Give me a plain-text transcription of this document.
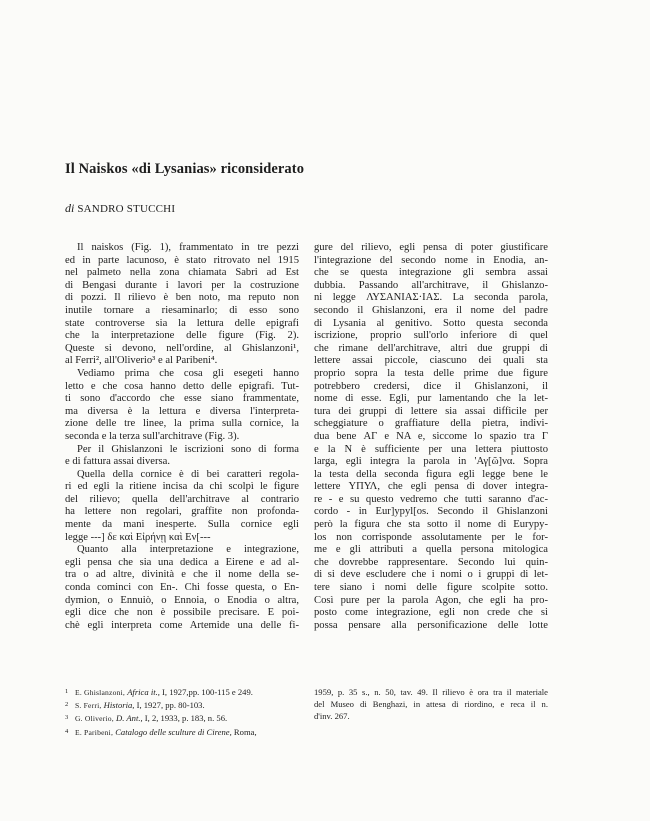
Il Naiskos «di Lysanias» riconsiderato

di SANDRO STUCCHI

Il naiskos (Fig. 1), frammentato in tre pezzi
ed in parte lacunoso, è stato ritrovato nel 1915
nel palmeto nella zona chiamata Sabri ad Est
di Bengasi durante i lavori per la costruzione
di pozzi. Il rilievo è ben noto, ma reputo non
inutile tornare a riesaminarlo; di esso sono
state controverse sia la lettura delle epigrafi
che la interpretazione delle figure (Fig. 2).
Queste si devono, nell'ordine, al Ghislanzoni¹,
al Ferri², all'Oliverio³ e al Paribeni⁴.
Vediamo prima che cosa gli esegeti hanno
letto e che cosa hanno detto delle epigrafi. Tut-
ti sono d'accordo che esse siano frammentate,
ma diversa è la lettura e diversa l'interpreta-
zione delle tre linee, la prima sulla cornice, la
seconda e la terza sull'architrave (Fig. 3).
Per il Ghislanzoni le iscrizioni sono di forma
e di fattura assai diversa.
Quella della cornice è di bei caratteri regola-
ri ed egli la ritiene incisa da chi scolpì le figure
del rilievo; quella dell'architrave al contrario
ha lettere non regolari, graffite non profonda-
mente da mani inesperte. Sulla cornice egli
legge ---] δε καὶ Εἰρήνῃ καὶ Εν[---
Quanto alla interpretazione e integrazione,
egli pensa che sia una dedica a Eirene e ad al-
tra o ad altre, divinità e che il nome della se-
conda cominci con En-. Chi fosse questa, o En-
dymion, o Ennuiò, o Ennoia, o Enodia o altra,
egli dice che non è possibile precisare. E poi-
chè egli interpreta come Artemide una delle fi-
gure del rilievo, egli pensa di poter giustificare
l'integrazione del secondo nome in Enodia, an-
che se questa integrazione gli sembra assai
dubbia. Passando all'architrave, il Ghislanzo-
ni legge ΛΥΣΑΝΙΑΣ·ΙΑΣ. La seconda parola,
secondo il Ghislanzoni, era il nome del padre
di Lysania al genitivo. Sotto questa seconda
iscrizione, proprio sull'orlo inferiore di quel
che rimane dell'architrave, altri due gruppi di
lettere assai piccole, ciascuno dei quali sta
proprio sopra la testa delle prime due figure
potrebbero credersi, dice il Ghislanzoni, il
nome di esse. Egli, pur lamentando che la let-
tura dei gruppi di lettere sia assai difficile per
scheggiature o graffiature della pietra, indivi-
dua bene ΑΓ e ΝΑ e, siccome lo spazio tra Γ
e la N è sufficiente per una lettera piuttosto
larga, egli integra la parola in 'Αγ[ῶ]να. Sopra
la testa della seconda figura egli legge bene le
lettere ΥΠΥΛ, che egli pensa di dover integra-
re - e su questo vedremo che tutti saranno d'ac-
cordo - in Eur]ypyl[os. Secondo il Ghislanzoni
però la figura che sta sotto il nome di Eurypy-
los non corrisponde assolutamente per le for-
me e gli attributi a quella persona mitologica
che dovrebbe rappresentare. Secondo lui quin-
di si deve escludere che i nomi o i gruppi di let-
tere siano i nomi delle figure scolpite sotto.
Così pure per la parola Agon, che egli ha pro-
posto come integrazione, egli non crede che si
possa pensare alla personificazione delle lotte
1 E. Ghislanzoni, Africa it., I, 1927,pp. 100-115 e 249.
2 S. Ferri, Historia, I, 1927, pp. 80-103.
3 G. Oliverio, D. Ant., I, 2, 1933, p. 183, n. 56.
4 E. Paribeni, Catalogo delle sculture di Cirene, Roma,
1959, p. 35 s., n. 50, tav. 49. Il rilievo è ora tra il materiale
del Museo di Benghazi, in attesa di riordino, e reca il n.
d'inv. 267.
